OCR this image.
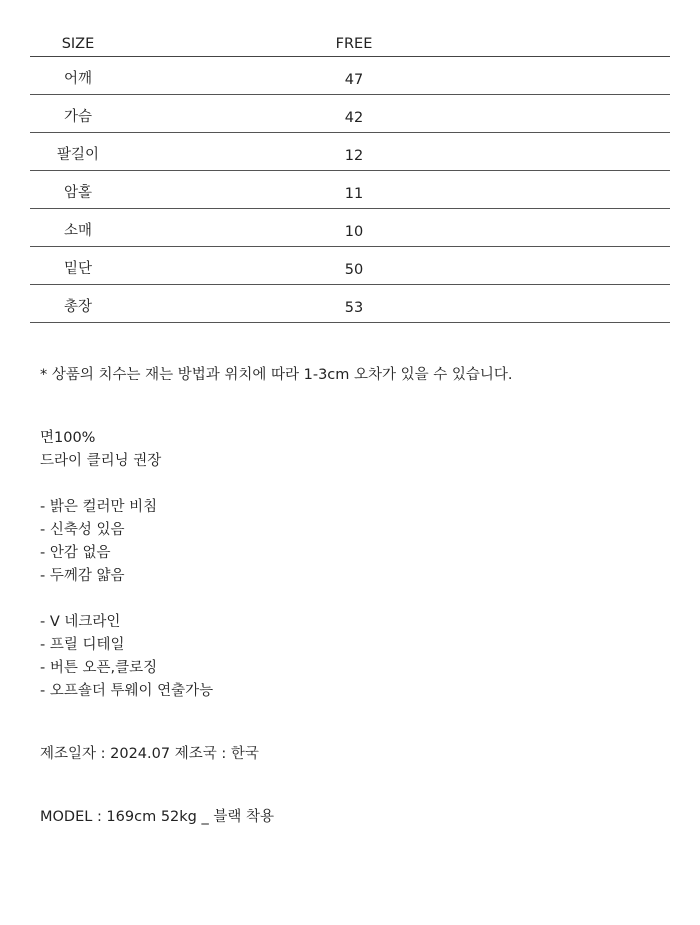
SIZE	FREE
어깨	47
가슴	42
팔길이	12
암홀	11
소매	10
밑단	50
총장	53
* 상품의 치수는 재는 방법과 위치에 따라 1-3cm 오차가 있을 수 있습니다.
면100%
드라이 클리닝 권장
- 밝은 컬러만 비침
- 신축성 있음
- 안감 없음
- 두께감 얇음
- V 네크라인
- 프릴 디테일
- 버튼 오픈,클로징
- 오프숄더 투웨이 연출가능
제조일자 : 2024.07 제조국 : 한국
MODEL : 169cm 52kg _ 블랙 착용
